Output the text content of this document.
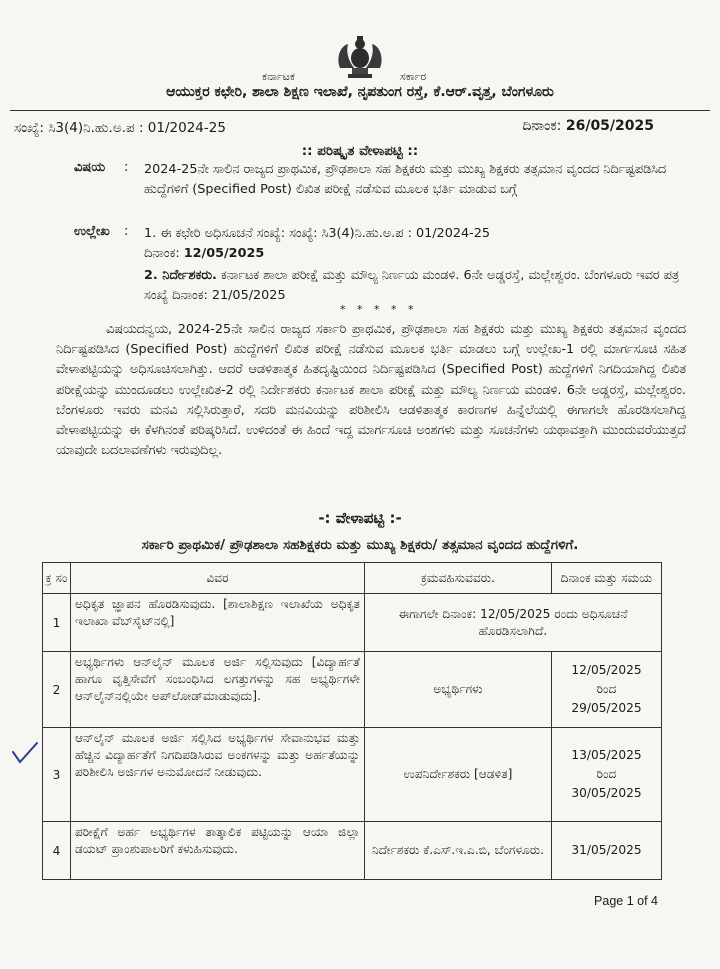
ಕರ್ನಾಟಕ	ಸರ್ಕಾರ
ಆಯುಕ್ತರ ಕಛೇರಿ, ಶಾಲಾ ಶಿಕ್ಷಣ ಇಲಾಖೆ, ನೃಪತುಂಗ ರಸ್ತೆ, ಕೆ.ಆರ್.ವೃತ್ತ, ಬೆಂಗಳೂರು
ಸಂಖ್ಯೆ: ಸಿ3(4)ನಿ.ಹು.ಅ.ಪ : 01/2024-25	ದಿನಾಂಕ: 26/05/2025
:: ಪರಿಷ್ಕೃತ ವೇಳಾಪಟ್ಟಿ ::
ವಿಷಯ : 2024-25ನೇ ಸಾಲಿನ ರಾಜ್ಯದ ಪ್ರಾಥಮಿಕ, ಪ್ರೌಢಶಾಲಾ ಸಹ ಶಿಕ್ಷಕರು ಮತ್ತು ಮುಖ್ಯ ಶಿಕ್ಷಕರು ತತ್ಸಮಾನ ವೃಂದದ ನಿರ್ದಿಷ್ಟಪಡಿಸಿದ ಹುದ್ದೆಗಳಿಗೆ (Specified Post) ಲಿಖಿತ ಪರೀಕ್ಷೆ ನಡೆಸುವ ಮೂಲಕ ಭರ್ತಿ ಮಾಡುವ ಬಗ್ಗೆ
ಉಲ್ಲೇಖ : 1. ಈ ಕಛೇರಿ ಅಧಿಸೂಚನೆ ಸಂಖ್ಯೆ: ಸಂಖ್ಯೆ: ಸಿ3(4)ನಿ.ಹು.ಅ.ಪ : 01/2024-25
ದಿನಾಂಕ: 12/05/2025
2. ನಿರ್ದೇಶಕರು. ಕರ್ನಾಟಕ ಶಾಲಾ ಪರೀಕ್ಷೆ ಮತ್ತು ಮೌಲ್ಯ ನಿರ್ಣಯ ಮಂಡಳಿ. 6ನೇ ಅಡ್ಡರಸ್ತೆ, ಮಲ್ಲೇಶ್ವರಂ. ಬೆಂಗಳೂರು ಇವರ ಪತ್ರ ಸಂಖ್ಯೆ ದಿನಾಂಕ: 21/05/2025
* * * * *
ವಿಷಯದನ್ವಯ, 2024-25ನೇ ಸಾಲಿನ ರಾಜ್ಯದ ಸರ್ಕಾರಿ ಪ್ರಾಥಮಿಕ, ಪ್ರೌಢಶಾಲಾ ಸಹ ಶಿಕ್ಷಕರು ಮತ್ತು ಮುಖ್ಯ ಶಿಕ್ಷಕರು ತತ್ಸಮಾನ ವೃಂದದ ನಿರ್ದಿಷ್ಟಪಡಿಸಿದ (Specified Post) ಹುದ್ದೆಗಳಿಗೆ ಲಿಖಿತ ಪರೀಕ್ಷೆ ನಡೆಸುವ ಮೂಲಕ ಭರ್ತಿ ಮಾಡಲು ಬಗ್ಗೆ ಉಲ್ಲೇಖ-1 ರಲ್ಲಿ ಮಾರ್ಗಸೂಚಿ ಸಹಿತ ವೇಳಾಪಟ್ಟಿಯನ್ನು ಅಧಿಸೂಚಿಸಲಾಗಿತ್ತು. ಆದರೆ ಆಡಳಿತಾತ್ಮಕ ಹಿತದೃಷ್ಟಿಯಿಂದ ನಿರ್ದಿಷ್ಟಪಡಿಸಿದ (Specified Post) ಹುದ್ದೆಗಳಿಗೆ ನಿಗದಿಯಾಗಿದ್ದ ಲಿಖಿತ ಪರೀಕ್ಷೆಯನ್ನು ಮುಂದೂಡಲು ಉಲ್ಲೇಖಿತ-2 ರಲ್ಲಿ ನಿರ್ದೇಶಕರು ಕರ್ನಾಟಕ ಶಾಲಾ ಪರೀಕ್ಷೆ ಮತ್ತು ಮೌಲ್ಯ ನಿರ್ಣಯ ಮಂಡಳಿ. 6ನೇ ಅಡ್ಡರಸ್ತೆ, ಮಲ್ಲೇಶ್ವರಂ. ಬೆಂಗಳೂರು ಇವರು ಮನವಿ ಸಲ್ಲಿಸಿರುತ್ತಾರೆ, ಸದರಿ ಮನವಿಯನ್ನು ಪರಿಶೀಲಿಸಿ ಆಡಳಿತಾತ್ಮಕ ಕಾರಣಗಳ ಹಿನ್ನೆಲೆಯಲ್ಲಿ ಈಗಾಗಲೇ ಹೊರಡಿಸಲಾಗಿದ್ದ ವೇಳಾಪಟ್ಟಿಯನ್ನು ಈ ಕೆಳಗಿನಂತೆ ಪರಿಷ್ಕರಿಸಿದೆ. ಉಳಿದಂತೆ ಈ ಹಿಂದೆ ಇದ್ದ ಮಾರ್ಗಸೂಚಿ ಅಂಶಗಳು ಮತ್ತು ಸೂಚನೆಗಳು ಯಥಾವತ್ತಾಗಿ ಮುಂದುವರೆಯುತ್ತದೆ ಯಾವುದೇ ಬದಲಾವಣೆಗಳು ಇರುವುದಿಲ್ಲ.
-: ವೇಳಾಪಟ್ಟಿ :-
ಸರ್ಕಾರಿ ಪ್ರಾಥಮಿಕ/ ಪ್ರೌಢಶಾಲಾ ಸಹಶಿಕ್ಷಕರು ಮತ್ತು ಮುಖ್ಯ ಶಿಕ್ಷಕರು/ ತತ್ಸಮಾನ ವೃಂದದ ಹುದ್ದೆಗಳಿಗೆ.
ಕ್ರ ಸಂ	ವಿವರ	ಕ್ರಮವಹಿಸುವವರು.	ದಿನಾಂಕ ಮತ್ತು ಸಮಯ
1	ಅಧಿಕೃತ ಜ್ಞಾಪನ ಹೊರಡಿಸುವುದು. [ಶಾಲಾಶಿಕ್ಷಣ ಇಲಾಖೆಯ ಅಧಿಕೃತ ಇಲಾಖಾ ವೆಬ್‌ಸೈಟ್‌ನಲ್ಲಿ]	ಈಗಾಗಲೇ ದಿನಾಂಕ: 12/05/2025 ರಂದು ಅಧಿಸೂಚನೆ ಹೊರಡಿಸಲಾಗಿದೆ.	
2	ಅಭ್ಯರ್ಥಿಗಳು ಆನ್‌ಲೈನ್ ಮೂಲಕ ಅರ್ಜಿ ಸಲ್ಲಿಸುವುದು [ವಿದ್ಯಾರ್ಹತೆ ಹಾಗೂ ವೃತ್ತಿಸೇವೆಗೆ ಸಂಬಂಧಿಸಿದ ಲಗತ್ತುಗಳನ್ನು ಸಹ ಅಭ್ಯರ್ಥಿಗಳೇ ಆನ್‌ಲೈನ್‌ನಲ್ಲಿಯೇ ಅಪ್‌ಲೋಡ್‌ಮಾಡುವುದು].	ಅಭ್ಯರ್ಥಿಗಳು	12/05/2025
ರಿಂದ
29/05/2025

3	ಆನ್‌ಲೈನ್ ಮೂಲಕ ಅರ್ಜಿ ಸಲ್ಲಿಸಿದ ಅಭ್ಯರ್ಥಿಗಳ ಸೇವಾನುಭವ ಮತ್ತು ಹೆಚ್ಚಿನ ವಿದ್ಯಾರ್ಹತೆಗೆ ನಿಗದಿಪಡಿಸಿರುವ ಅಂಕಗಳನ್ನು ಮತ್ತು ಅರ್ಹತೆಯನ್ನು ಪರಿಶೀಲಿಸಿ ಅರ್ಜಿಗಳ ಅನುಮೋದನೆ ನೀಡುವುದು.	ಉಪನಿರ್ದೇಶಕರು [ಆಡಳಿತ]	13/05/2025
ರಿಂದ
30/05/2025

4	ಪರೀಕ್ಷೆಗೆ ಅರ್ಹ ಅಭ್ಯರ್ಥಿಗಳ ತಾತ್ಕಾಲಿಕ ಪಟ್ಟಿಯನ್ನು ಆಯಾ ಜಿಲ್ಲಾ ಡಯಟ್ ಪ್ರಾಂಶುಪಾಲರಿಗೆ ಕಳುಹಿಸುವುದು.	ನಿರ್ದೇಶಕರು ಕೆ.ಎಸ್.ಇ.ಎ.ಬಿ, ಬೆಂಗಳೂರು.	31/05/2025
Page 1 of 4
